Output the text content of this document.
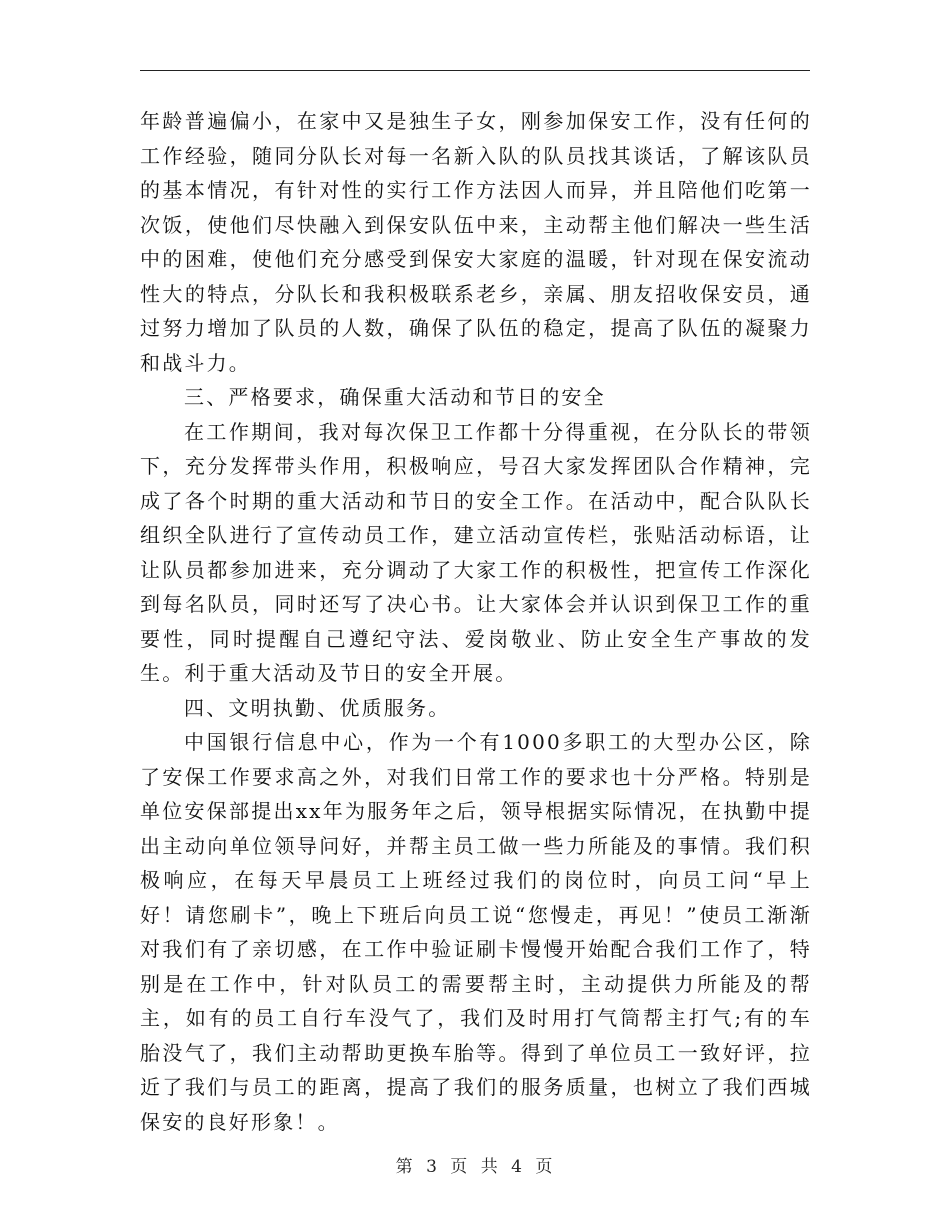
年龄普遍偏小，在家中又是独生子女，刚参加保安工作，没有任何的工作经验，随同分队长对每一名新入队的队员找其谈话，了解该队员的基本情况，有针对性的实行工作方法因人而异，并且陪他们吃第一次饭，使他们尽快融入到保安队伍中来，主动帮主他们解决一些生活中的困难，使他们充分感受到保安大家庭的温暖，针对现在保安流动性大的特点，分队长和我积极联系老乡，亲属、朋友招收保安员，通过努力增加了队员的人数，确保了队伍的稳定，提高了队伍的凝聚力和战斗力。

三、严格要求，确保重大活动和节日的安全

在工作期间，我对每次保卫工作都十分得重视，在分队长的带领下，充分发挥带头作用，积极响应，号召大家发挥团队合作精神，完成了各个时期的重大活动和节日的安全工作。在活动中，配合队队长组织全队进行了宣传动员工作，建立活动宣传栏，张贴活动标语，让让队员都参加进来，充分调动了大家工作的积极性，把宣传工作深化到每名队员，同时还写了决心书。让大家体会并认识到保卫工作的重要性，同时提醒自己遵纪守法、爱岗敬业、防止安全生产事故的发生。利于重大活动及节日的安全开展。

四、文明执勤、优质服务。

中国银行信息中心，作为一个有1000多职工的大型办公区，除了安保工作要求高之外，对我们日常工作的要求也十分严格。特别是单位安保部提出xx年为服务年之后，领导根据实际情况，在执勤中提出主动向单位领导问好，并帮主员工做一些力所能及的事情。我们积极响应，在每天早晨员工上班经过我们的岗位时，向员工问“早上好！请您刷卡”，晚上下班后向员工说“您慢走，再见！”使员工渐渐对我们有了亲切感，在工作中验证刷卡慢慢开始配合我们工作了，特别是在工作中，针对队员工的需要帮主时，主动提供力所能及的帮主，如有的员工自行车没气了，我们及时用打气筒帮主打气;有的车胎没气了，我们主动帮助更换车胎等。得到了单位员工一致好评，拉近了我们与员工的距离，提高了我们的服务质量，也树立了我们西城保安的良好形象！。

第 3 页 共 4 页
